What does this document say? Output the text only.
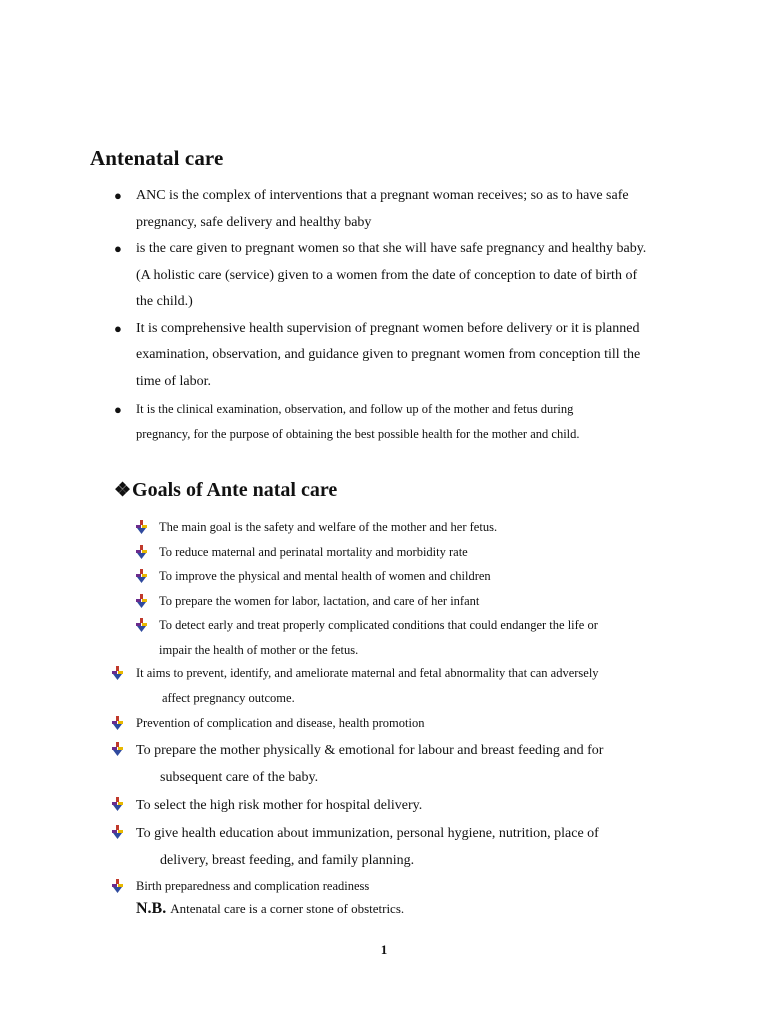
Antenatal care
● ANC is the complex of interventions that a pregnant woman receives; so as to have safe
pregnancy, safe delivery and healthy baby
● is the care given to pregnant women so that she will have safe pregnancy and healthy baby.
(A holistic care (service) given to a women from the date of conception to date of birth of
the child.)
● It is comprehensive health supervision of pregnant women before delivery or it is planned
examination, observation, and guidance given to pregnant women from conception till the
time of labor.
● It is the clinical examination, observation, and follow up of the mother and fetus during
pregnancy, for the purpose of obtaining the best possible health for the mother and child.
❖Goals of Ante natal care
The main goal is the safety and welfare of the mother and her fetus.
To reduce maternal and perinatal mortality and morbidity rate
To improve the physical and mental health of women and children
To prepare the women for labor, lactation, and care of her infant
To detect early and treat properly complicated conditions that could endanger the life or
impair the health of mother or the fetus.
It aims to prevent, identify, and ameliorate maternal and fetal abnormality that can adversely
affect pregnancy outcome.
Prevention of complication and disease, health promotion
To prepare the mother physically & emotional for labour and breast feeding and for
subsequent care of the baby.
To select the high risk mother for hospital delivery.
To give health education about immunization, personal hygiene, nutrition, place of
delivery, breast feeding, and family planning.
Birth preparedness and complication readiness
N.B. Antenatal care is a corner stone of obstetrics.
1
